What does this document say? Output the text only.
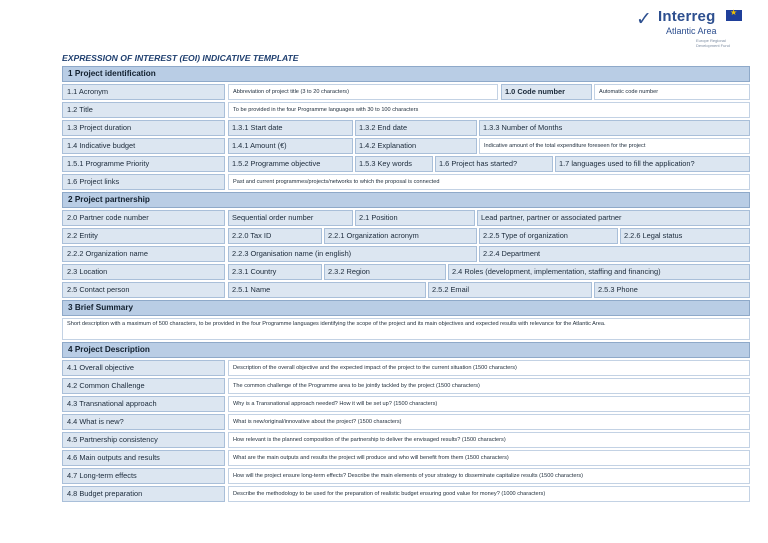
✓ Interreg
★
Atlantic Area
Europe Regional Development Fund
EXPRESSION OF INTEREST (EOI) INDICATIVE TEMPLATE
1 Project identification
1.1 Acronym	Abbreviation of project title (3 to 20 characters)	1.0 Code number	Automatic code number
1.2 Title	To be provided in the four Programme languages with 30 to 100 characters
1.3 Project duration	1.3.1 Start date	1.3.2 End date	1.3.3 Number of Months
1.4 Indicative budget	1.4.1 Amount (€)	1.4.2 Explanation	Indicative amount of the total expenditure foreseen for the project
1.5.1 Programme Priority	1.5.2 Programme objective	1.5.3 Key words	1.6 Project has started?	1.7 languages used to fill the application?
1.6 Project links	Past and current programmes/projects/networks to which the proposal is connected
2 Project partnership
2.0 Partner code number	Sequential order number	2.1 Position	Lead partner, partner or associated partner
2.2 Entity	2.2.0 Tax ID	2.2.1 Organization acronym	2.2.5 Type of organization	2.2.6 Legal status
2.2.2 Organization name	2.2.3 Organisation name (in english)	2.2.4 Department
2.3 Location	2.3.1 Country	2.3.2 Region	2.4 Roles (development, implementation, staffing and financing)
2.5 Contact person	2.5.1 Name	2.5.2 Email	2.5.3 Phone
3 Brief Summary
Short description with a maximum of 500 characters, to be provided in the four Programme languages identifying the scope of the project and its main objectives and expected results with relevance for the Atlantic Area.
4 Project Description
4.1 Overall objective	Description of the overall objective and the expected impact of the project to the current situation (1500 characters)
4.2 Common Challenge	The common challenge of the Programme area to be jointly tackled by the project (1500 characters)
4.3 Transnational approach	Why is a Transnational approach needed? How it will be set up? (1500 characters)
4.4 What is new?	What is new/original/innovative about the project? (1500 characters)
4.5 Partnership consistency	How relevant is the planned composition of the partnership to deliver the envisaged results? (1500 characters)
4.6 Main outputs and results	What are the main outputs and results the project will produce and who will benefit from them (1500 characters)
4.7 Long-term effects	How will the project ensure long-term effects? Describe the main elements of your strategy to disseminate capitalize results (1500 characters)
4.8 Budget preparation	Describe the methodology to be used for the preparation of realistic budget ensuring good value for money? (1000 characters)
